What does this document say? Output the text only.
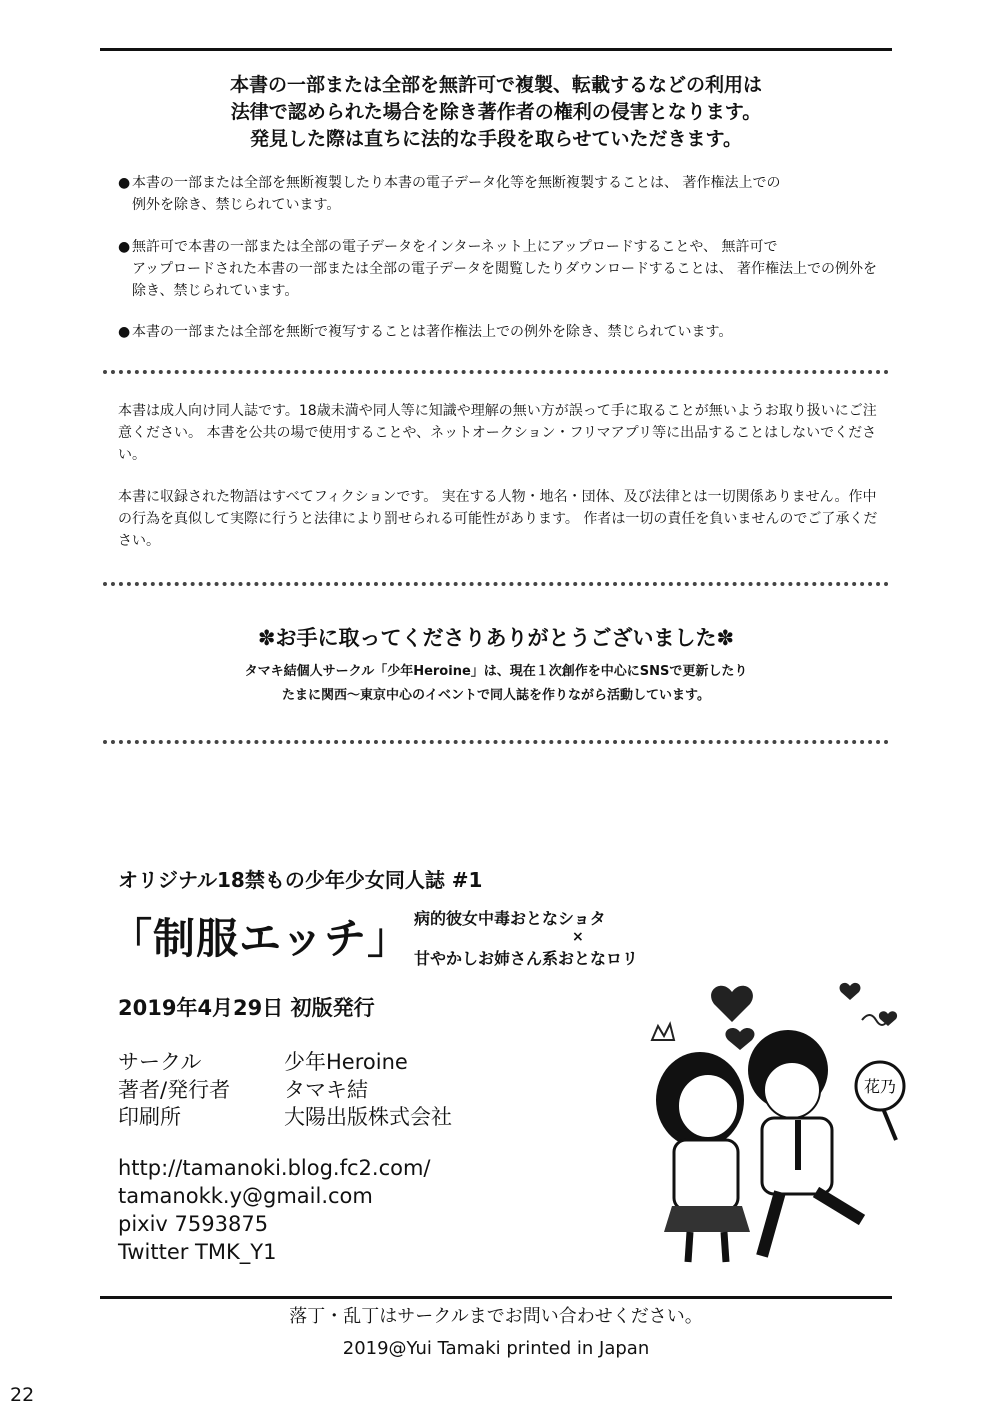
本書の一部または全部を無許可で複製、転載するなどの利用は
法律で認められた場合を除き著作者の権利の侵害となります。
発見した際は直ちに法的な手段を取らせていただきます。
● 本書の一部または全部を無断複製したり本書の電子データ化等を無断複製することは、 著作権法上での
例外を除き、禁じられています。
● 無許可で本書の一部または全部の電子データをインターネット上にアップロードすることや、 無許可で
アップロードされた本書の一部または全部の電子データを閲覧したりダウンロードすることは、 著作権法上での例外を除き、禁じられています。
● 本書の一部または全部を無断で複写することは著作権法上での例外を除き、禁じられています。
本書は成人向け同人誌です。18歳未満や同人等に知識や理解の無い方が誤って手に取ることが無いようお取り扱いにご注意ください。 本書を公共の場で使用することや、ネットオークション・フリマアプリ等に出品することはしないでください。
本書に収録された物語はすべてフィクションです。 実在する人物・地名・団体、及び法律とは一切関係ありません。作中の行為を真似して実際に行うと法律により罰せられる可能性があります。 作者は一切の責任を負いませんのでご了承ください。
✽お手に取ってくださりありがとうございました✽
タマキ結個人サークル「少年Heroine」は、現在１次創作を中心にSNSで更新したり
たまに関西〜東京中心のイベントで同人誌を作りながら活動しています。
オリジナル18禁もの少年少女同人誌 #1
「制服エッチ」 病的彼女中毒おとなショタ
×
甘やかしお姉さん系おとなロリ
2019年4月29日 初版発行
サークル	少年Heroine
著者/発行者	タマキ結
印刷所	大陽出版株式会社
http://tamanoki.blog.fc2.com/
tamanokk.y@gmail.com
pixiv 7593875
Twitter TMK_Y1
花乃
落丁・乱丁はサークルまでお問い合わせください。
2019@Yui Tamaki printed in Japan
22
